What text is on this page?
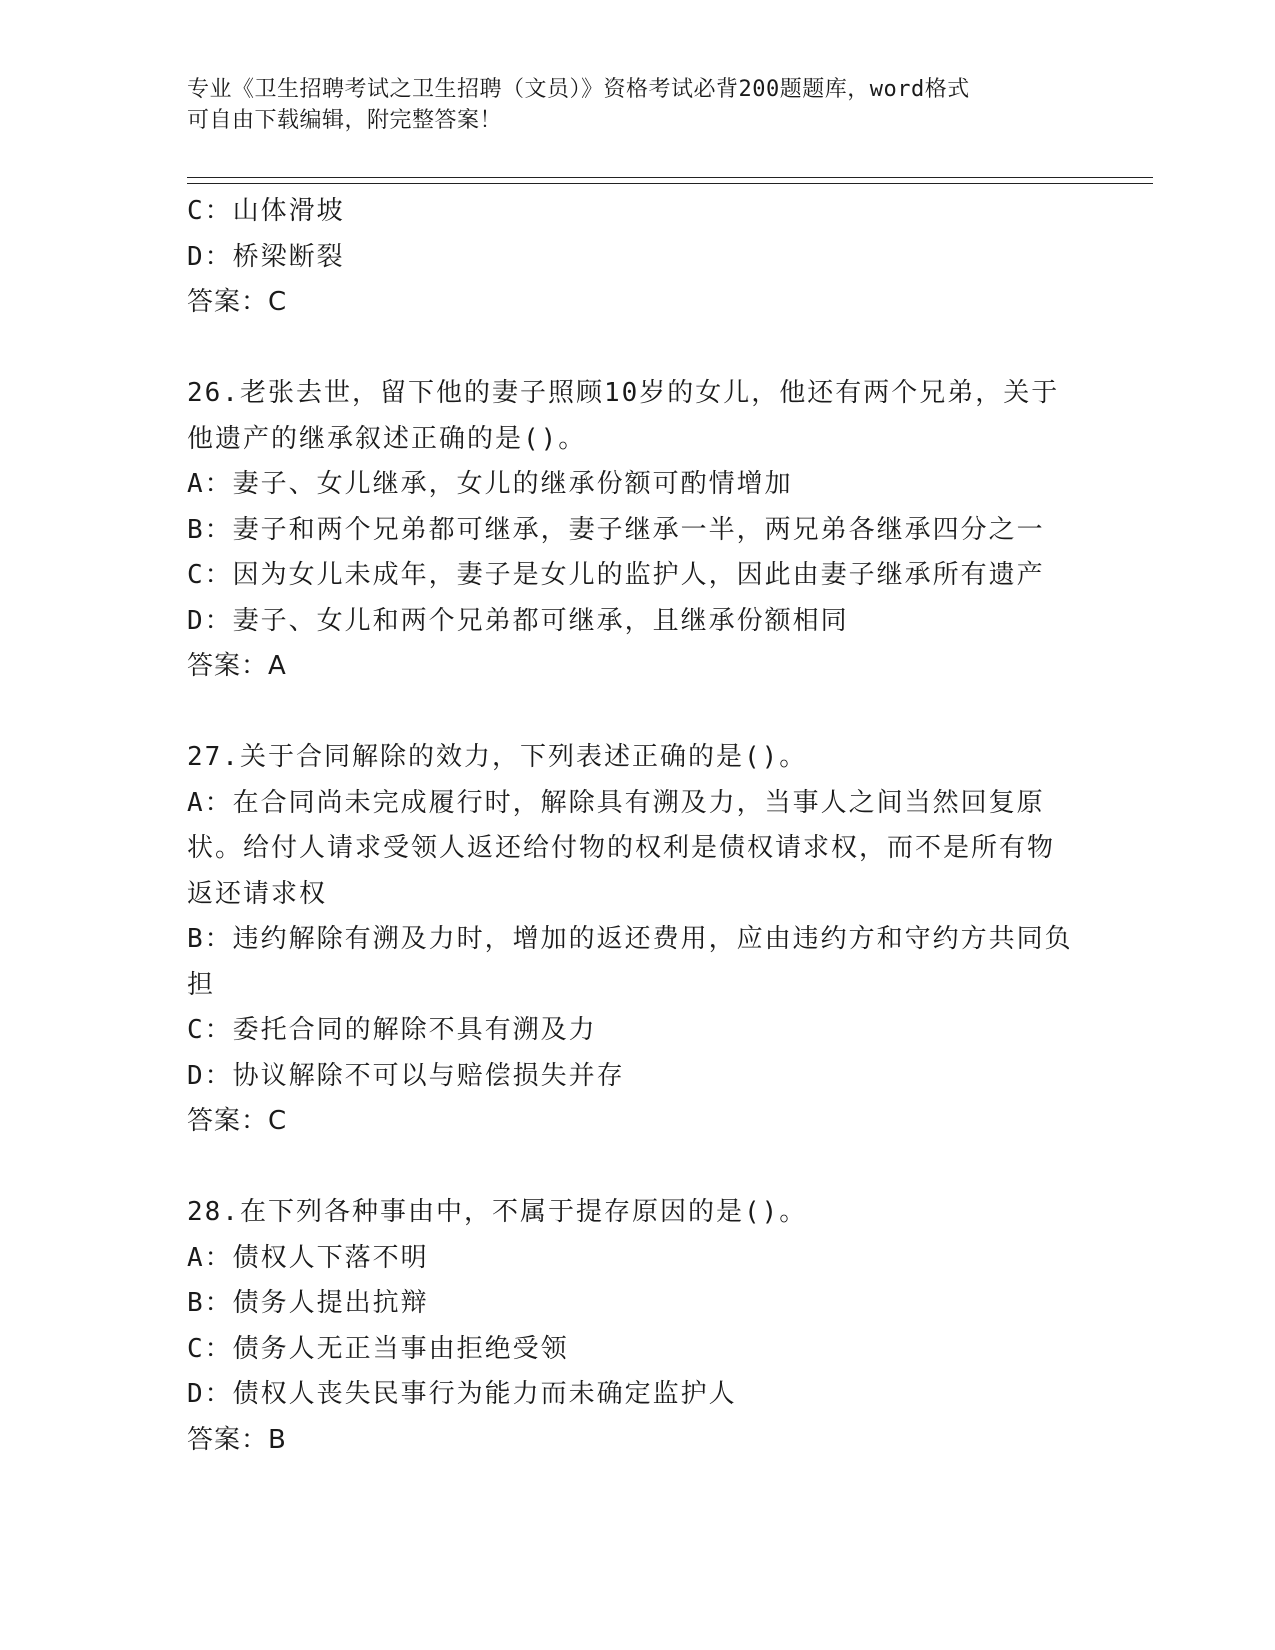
专业《卫生招聘考试之卫生招聘（文员）》资格考试必背200题题库，word格式
可自由下载编辑，附完整答案！
C：山体滑坡
D：桥梁断裂
答案：C
26.老张去世，留下他的妻子照顾10岁的女儿，他还有两个兄弟，关于他遗产的继承叙述正确的是()。
A：妻子、女儿继承，女儿的继承份额可酌情增加
B：妻子和两个兄弟都可继承，妻子继承一半，两兄弟各继承四分之一
C：因为女儿未成年，妻子是女儿的监护人，因此由妻子继承所有遗产
D：妻子、女儿和两个兄弟都可继承，且继承份额相同
答案：A
27.关于合同解除的效力，下列表述正确的是()。
A：在合同尚未完成履行时，解除具有溯及力，当事人之间当然回复原状。给付人请求受领人返还给付物的权利是债权请求权，而不是所有物返还请求权
B：违约解除有溯及力时，增加的返还费用，应由违约方和守约方共同负担
C：委托合同的解除不具有溯及力
D：协议解除不可以与赔偿损失并存
答案：C
28.在下列各种事由中，不属于提存原因的是()。
A：债权人下落不明
B：债务人提出抗辩
C：债务人无正当事由拒绝受领
D：债权人丧失民事行为能力而未确定监护人
答案：B
